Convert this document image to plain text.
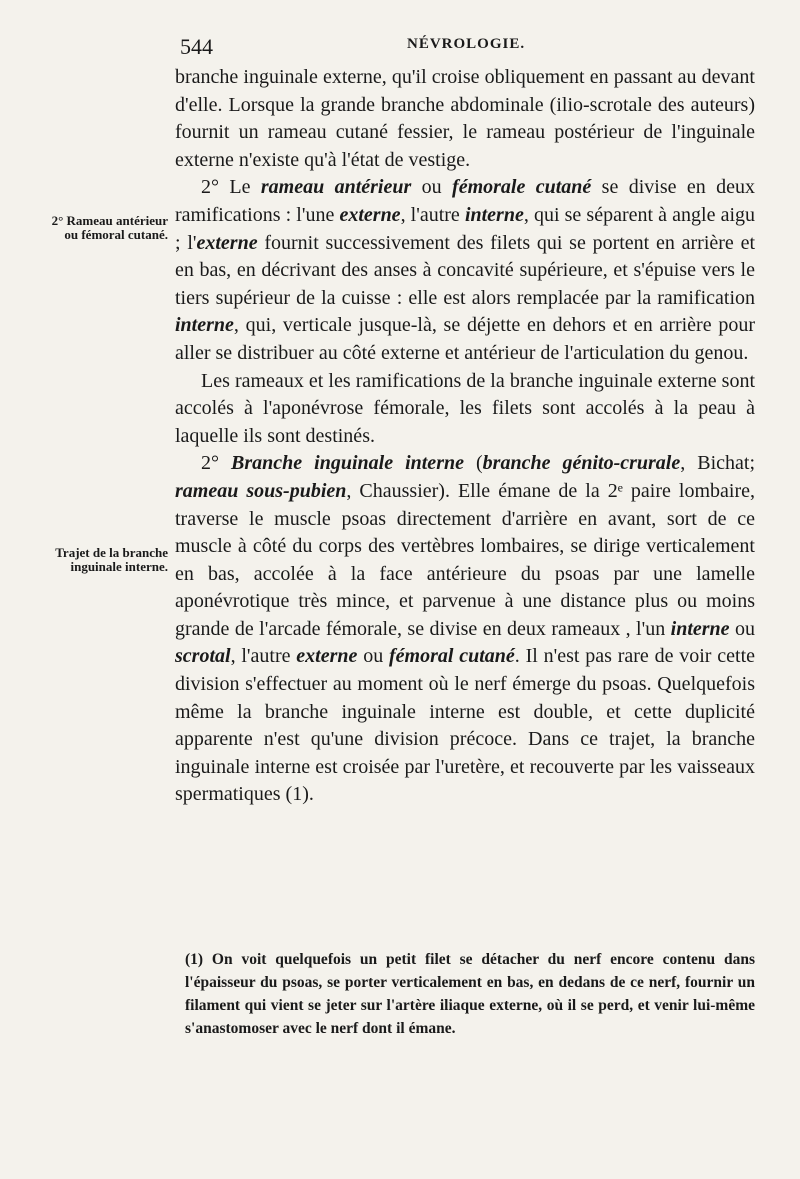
544	NÉVROLOGIE.
2° Rameau antérieur ou fémoral cutané.
Trajet de la branche inguinale interne.

branche inguinale externe, qu'il croise obliquement en passant au devant d'elle. Lorsque la grande branche abdominale (ilio-scrotale des auteurs) fournit un rameau cutané fessier, le rameau postérieur de l'inguinale externe n'existe qu'à l'état de vestige.

2° Le rameau antérieur ou fémorale cutané se divise en deux ramifications : l'une externe, l'autre interne, qui se séparent à angle aigu ; l'externe fournit successivement des filets qui se portent en arrière et en bas, en décrivant des anses à concavité supérieure, et s'épuise vers le tiers supérieur de la cuisse : elle est alors remplacée par la ramification interne, qui, verticale jusque-là, se déjette en dehors et en arrière pour aller se distribuer au côté externe et antérieur de l'articulation du genou.

Les rameaux et les ramifications de la branche inguinale externe sont accolés à l'aponévrose fémorale, les filets sont accolés à la peau à laquelle ils sont destinés.

2° Branche inguinale interne (branche génito-crurale, Bichat; rameau sous-pubien, Chaussier). Elle émane de la 2ᵉ paire lombaire, traverse le muscle psoas directement d'arrière en avant, sort de ce muscle à côté du corps des vertèbres lombaires, se dirige verticalement en bas, accolée à la face antérieure du psoas par une lamelle aponévrotique très mince, et parvenue à une distance plus ou moins grande de l'arcade fémorale, se divise en deux rameaux , l'un interne ou scrotal, l'autre externe ou fémoral cutané. Il n'est pas rare de voir cette division s'effectuer au moment où le nerf émerge du psoas. Quelquefois même la branche inguinale interne est double, et cette duplicité apparente n'est qu'une division précoce. Dans ce trajet, la branche inguinale interne est croisée par l'uretère, et recouverte par les vaisseaux spermatiques (1).

(1) On voit quelquefois un petit filet se détacher du nerf encore contenu dans l'épaisseur du psoas, se porter verticalement en bas, en dedans de ce nerf, fournir un filament qui vient se jeter sur l'artère iliaque externe, où il se perd, et venir lui-même s'anastomoser avec le nerf dont il émane.
